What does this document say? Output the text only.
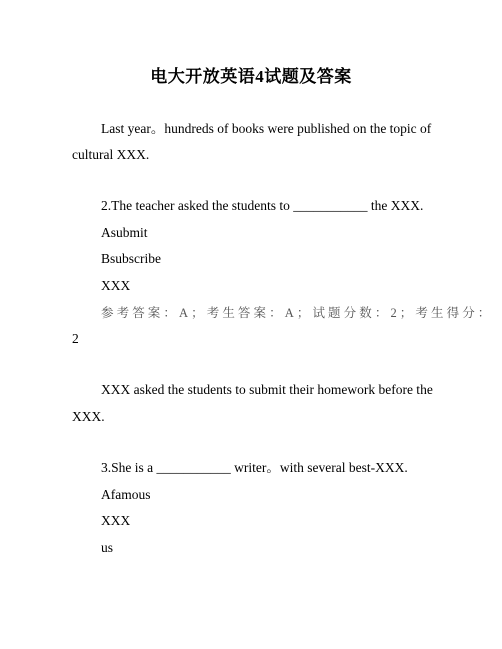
电大开放英语4试题及答案
Last year。hundreds of books were published on the topic of
cultural XXX.
2.The teacher asked the students to ___________ the XXX.
Asubmit
Bsubscribe
XXX
参考答案：A；考生答案：A；试题分数：2；考生得分：
2
XXX asked the students to submit their homework before the
XXX.
3.She is a ___________ writer。with several best-XXX.
Afamous
XXX
us
